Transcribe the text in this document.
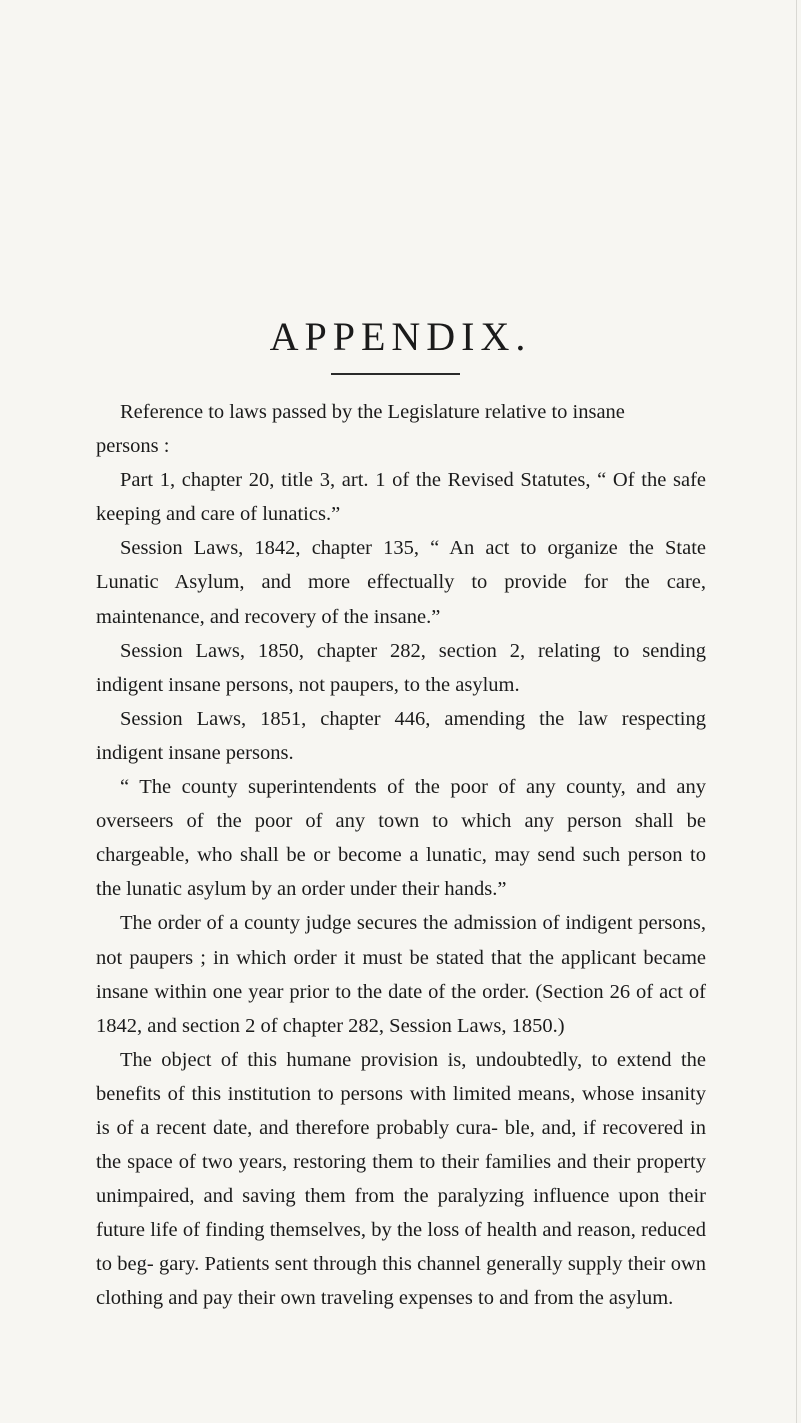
APPENDIX.

Reference to laws passed by the Legislature relative to insane

persons :

Part 1, chapter 20, title 3, art. 1 of the Revised Statutes, “ Of the safe keeping and care of lunatics.”

Session Laws, 1842, chapter 135, “ An act to organize the State Lunatic Asylum, and more effectually to provide for the care, maintenance, and recovery of the insane.”

Session Laws, 1850, chapter 282, section 2, relating to sending indigent insane persons, not paupers, to the asylum.

Session Laws, 1851, chapter 446, amending the law respecting indigent insane persons.

“ The county superintendents of the poor of any county, and any overseers of the poor of any town to which any person shall be chargeable, who shall be or become a lunatic, may send such person to the lunatic asylum by an order under their hands.”

The order of a county judge secures the admission of indigent persons, not paupers ; in which order it must be stated that the applicant became insane within one year prior to the date of the order. (Section 26 of act of 1842, and section 2 of chapter 282, Session Laws, 1850.)

The object of this humane provision is, undoubtedly, to extend the benefits of this institution to persons with limited means, whose insanity is of a recent date, and therefore probably cura- ble, and, if recovered in the space of two years, restoring them to their families and their property unimpaired, and saving them from the paralyzing influence upon their future life of finding themselves, by the loss of health and reason, reduced to beg- gary. Patients sent through this channel generally supply their own clothing and pay their own traveling expenses to and from the asylum.
